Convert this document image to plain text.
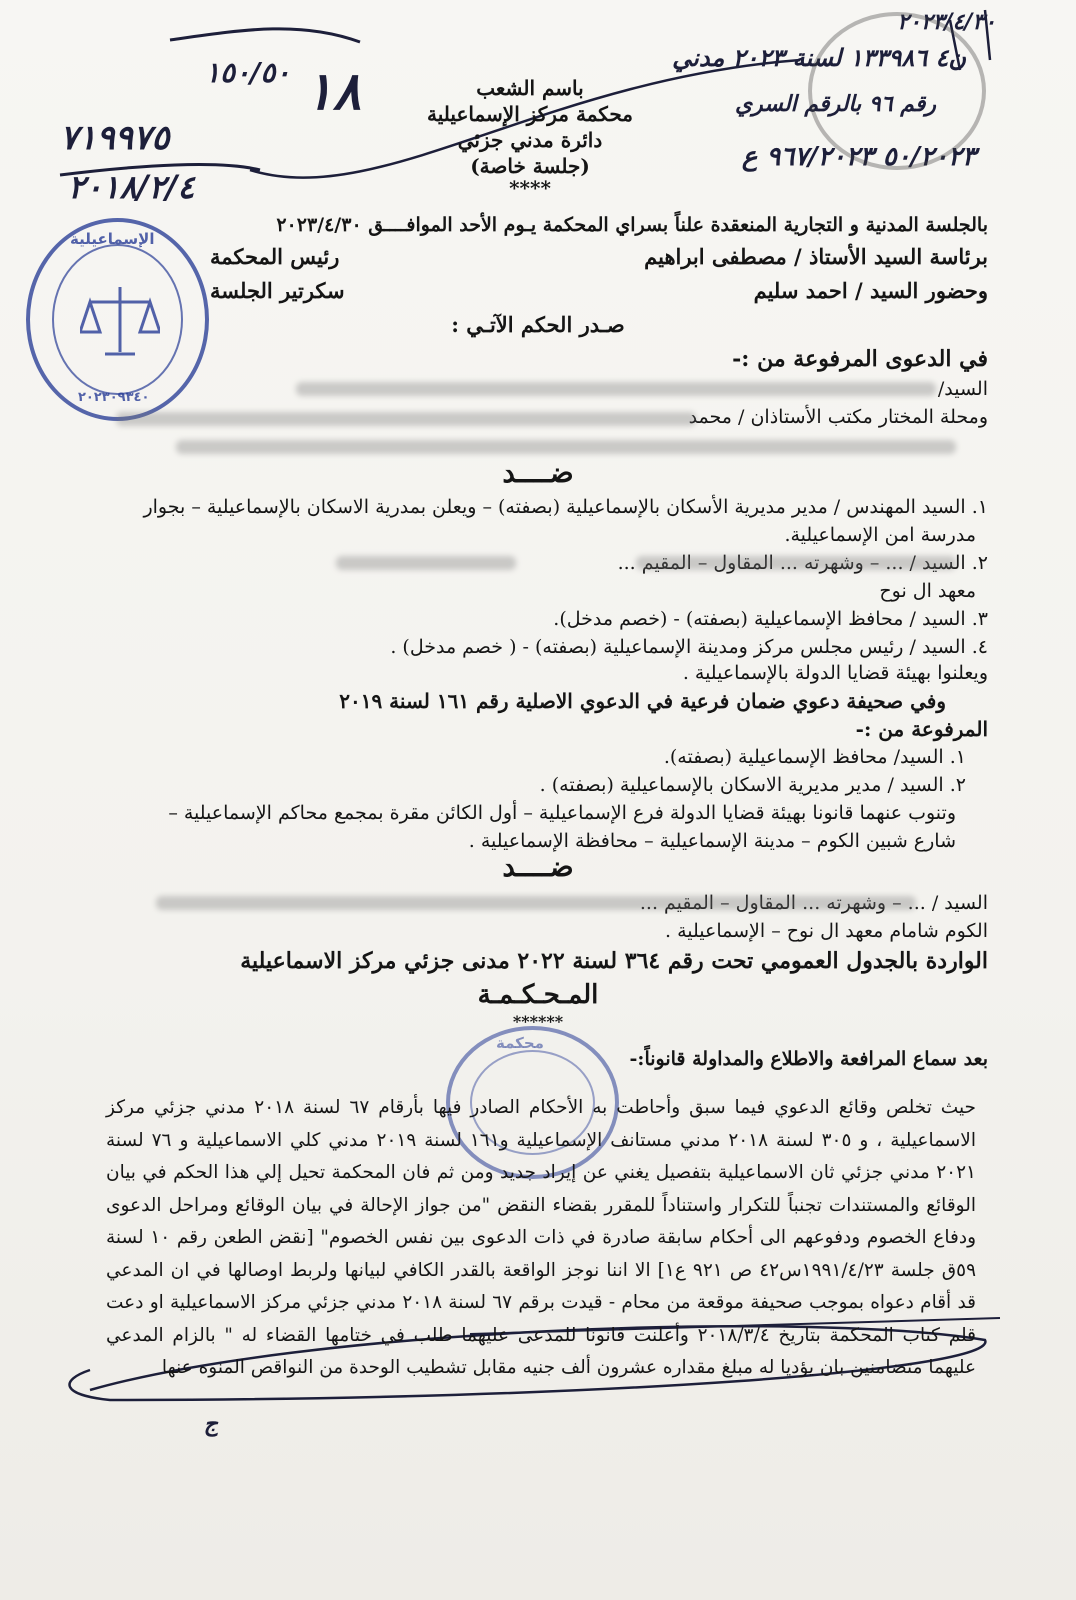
٢٠٢٣/٤/٣٠
ن٤ ١٣٣٩٨٦ لسنة ٢٠٢٣ مدني
رقم ٩٦ بالرقم السري
٥٠/٢٠٢٣ ٩٦٧/٢٠٢٣ ع
١٥٠/٥٠ ١٨
٧١٩٩٧٥
٢٠١٨/٢/٤
باسم الشعب
محكمة مركز الإسماعيلية
دائرة مدني جزئي
(جلسة خاصة)
****
الإسماعيلية
٢٠٢٣٠٩٣٤٠
بالجلسة المدنية و التجارية المنعقدة علناً بسراي المحكمة يـوم الأحد الموافــــق ٢٠٢٣/٤/٣٠
برئاسة السيد الأستاذ / مصطفى ابراهيم
رئيس المحكمة
وحضور السيد / احمد سليم
سكرتير الجلسة
صـدر الحكم الآتـي :
في الدعوى المرفوعة من :-
السيد/
ومحلة المختار مكتب الأستاذان / محمد
ضــــد
١. السيد المهندس / مدير مديرية الأسكان بالإسماعيلية (بصفته) – ويعلن بمدرية الاسكان بالإسماعيلية – بجوار
مدرسة امن الإسماعيلية.
٢. السيد / ... – وشهرته ... المقاول – المقيم ...
معهد ال نوح
٣. السيد / محافظ الإسماعيلية (بصفته) - (خصم مدخل).
٤. السيد / رئيس مجلس مركز ومدينة الإسماعيلية (بصفته) - ( خصم مدخل) .
ويعلنوا بهيئة قضايا الدولة بالإسماعيلية .
وفي صحيفة دعوي ضمان فرعية في الدعوي الاصلية رقم ١٦١ لسنة ٢٠١٩
المرفوعة من :-
١. السيد/ محافظ الإسماعيلية (بصفته).
٢. السيد / مدير مديرية الاسكان بالإسماعيلية (بصفته) .
وتنوب عنهما قانونا بهيئة قضايا الدولة فرع الإسماعيلية – أول الكائن مقرة بمجمع محاكم الإسماعيلية –
شارع شبين الكوم – مدينة الإسماعيلية – محافظة الإسماعيلية .
ضــــد
السيد / ... – وشهرته ... المقاول – المقيم ...
الكوم شامام معهد ال نوح – الإسماعيلية .
الواردة بالجدول العمومي تحت رقم ٣٦٤ لسنة ٢٠٢٢ مدنى جزئي مركز الاسماعيلية
المـحـكـمـة
******
محكمة
بعد سماع المرافعة والاطلاع والمداولة قانوناً:-
حيث تخلص وقائع الدعوي فيما سبق وأحاطت به الأحكام الصادر فيها بأرقام ٦٧ لسنة ٢٠١٨ مدني جزئي مركز الاسماعيلية ، و ٣٠٥ لسنة ٢٠١٨ مدني مستانف الإسماعيلية و١٦١ لسنة ٢٠١٩ مدني كلي الاسماعيلية و ٧٦ لسنة ٢٠٢١ مدني جزئي ثان الاسماعيلية بتفصيل يغني عن إيراد جديد ومن ثم فان المحكمة تحيل إلي هذا الحكم في بيان الوقائع والمستندات تجنباً للتكرار واستناداً للمقرر بقضاء النقض "من جواز الإحالة في بيان الوقائع ومراحل الدعوى ودفاع الخصوم ودفوعهم الى أحكام سابقة صادرة في ذات الدعوى بين نفس الخصوم" [نقض الطعن رقم ١٠ لسنة ٥٩ق جلسة ١٩٩١/٤/٢٣س٤٢ ص ٩٢١ ع١] الا اننا نوجز الواقعة بالقدر الكافي لبيانها ولربط اوصالها في ان المدعي قد أقام دعواه بموجب صحيفة موقعة من محام - قيدت برقم ٦٧ لسنة ٢٠١٨ مدني جزئي مركز الاسماعيلية او دعت قلم كتاب المحكمة بتاريخ ٢٠١٨/٣/٤ وأعلنت قانونا للمدعى عليهما طلب في ختامها القضاء له " بالزام المدعي عليهما متضامنين بان يؤديا له مبلغ مقداره عشرون ألف جنيه مقابل تشطيب الوحدة من النواقص المنوه عنها
ج
